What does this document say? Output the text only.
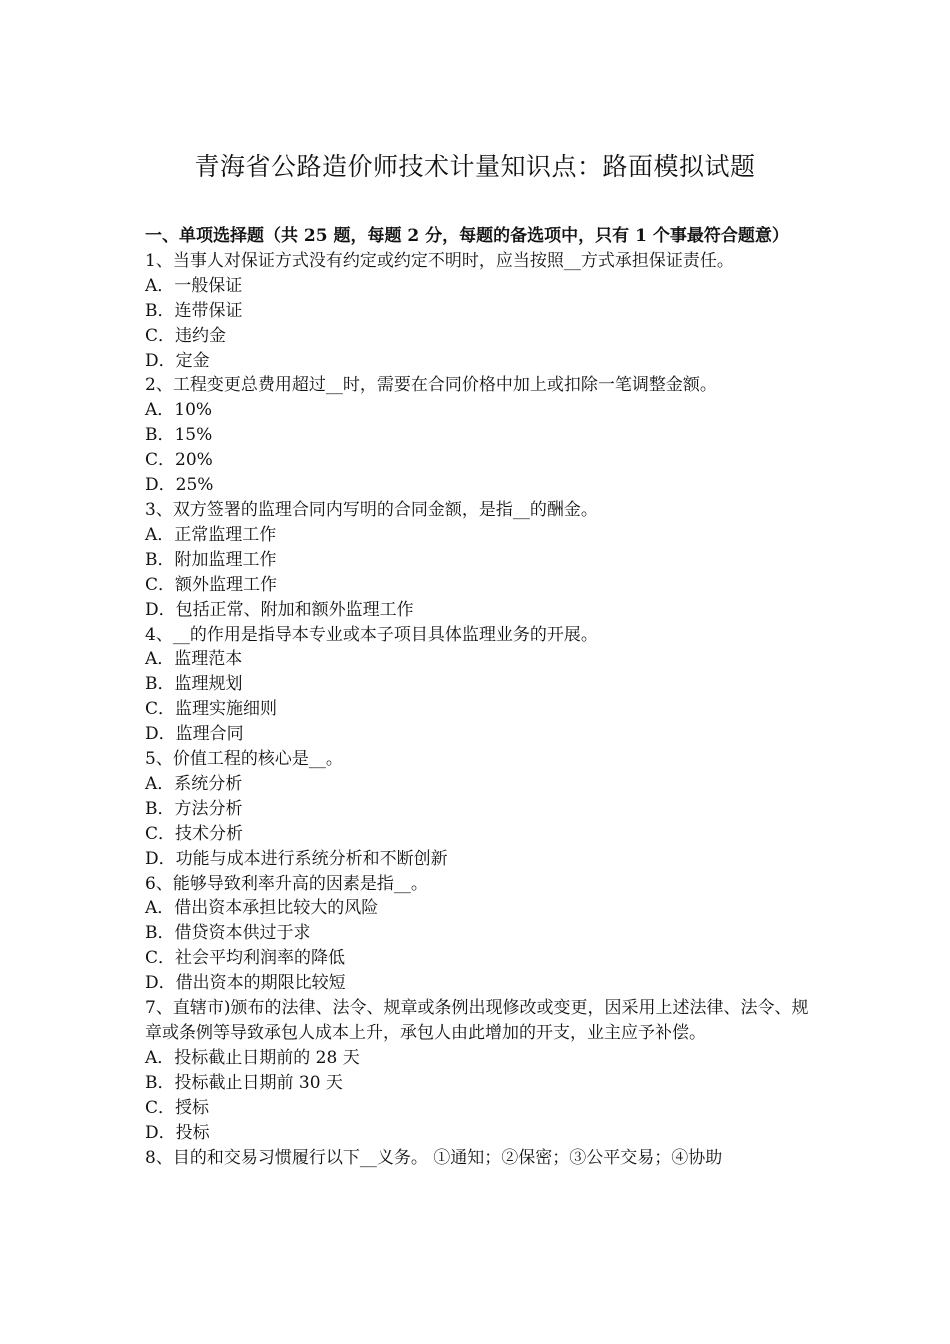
青海省公路造价师技术计量知识点：路面模拟试题
一、单项选择题（共 25 题，每题 2 分，每题的备选项中，只有 1 个事最符合题意）
1、当事人对保证方式没有约定或约定不明时，应当按照__方式承担保证责任。
A．一般保证
B．连带保证
C．违约金
D．定金
2、工程变更总费用超过__时，需要在合同价格中加上或扣除一笔调整金额。
A．10%
B．15%
C．20%
D．25%
3、双方签署的监理合同内写明的合同金额，是指__的酬金。
A．正常监理工作
B．附加监理工作
C．额外监理工作
D．包括正常、附加和额外监理工作
4、__的作用是指导本专业或本子项目具体监理业务的开展。
A．监理范本
B．监理规划
C．监理实施细则
D．监理合同
5、价值工程的核心是__。
A．系统分析
B．方法分析
C．技术分析
D．功能与成本进行系统分析和不断创新
6、能够导致利率升高的因素是指__。
A．借出资本承担比较大的风险
B．借贷资本供过于求
C．社会平均利润率的降低
D．借出资本的期限比较短
7、直辖市)颁布的法律、法令、规章或条例出现修改或变更，因采用上述法律、法令、规章或条例等导致承包人成本上升，承包人由此增加的开支，业主应予补偿。
A．投标截止日期前的 28 天
B．投标截止日期前 30 天
C．授标
D．投标
8、目的和交易习惯履行以下__义务。 ①通知；②保密；③公平交易；④协助
